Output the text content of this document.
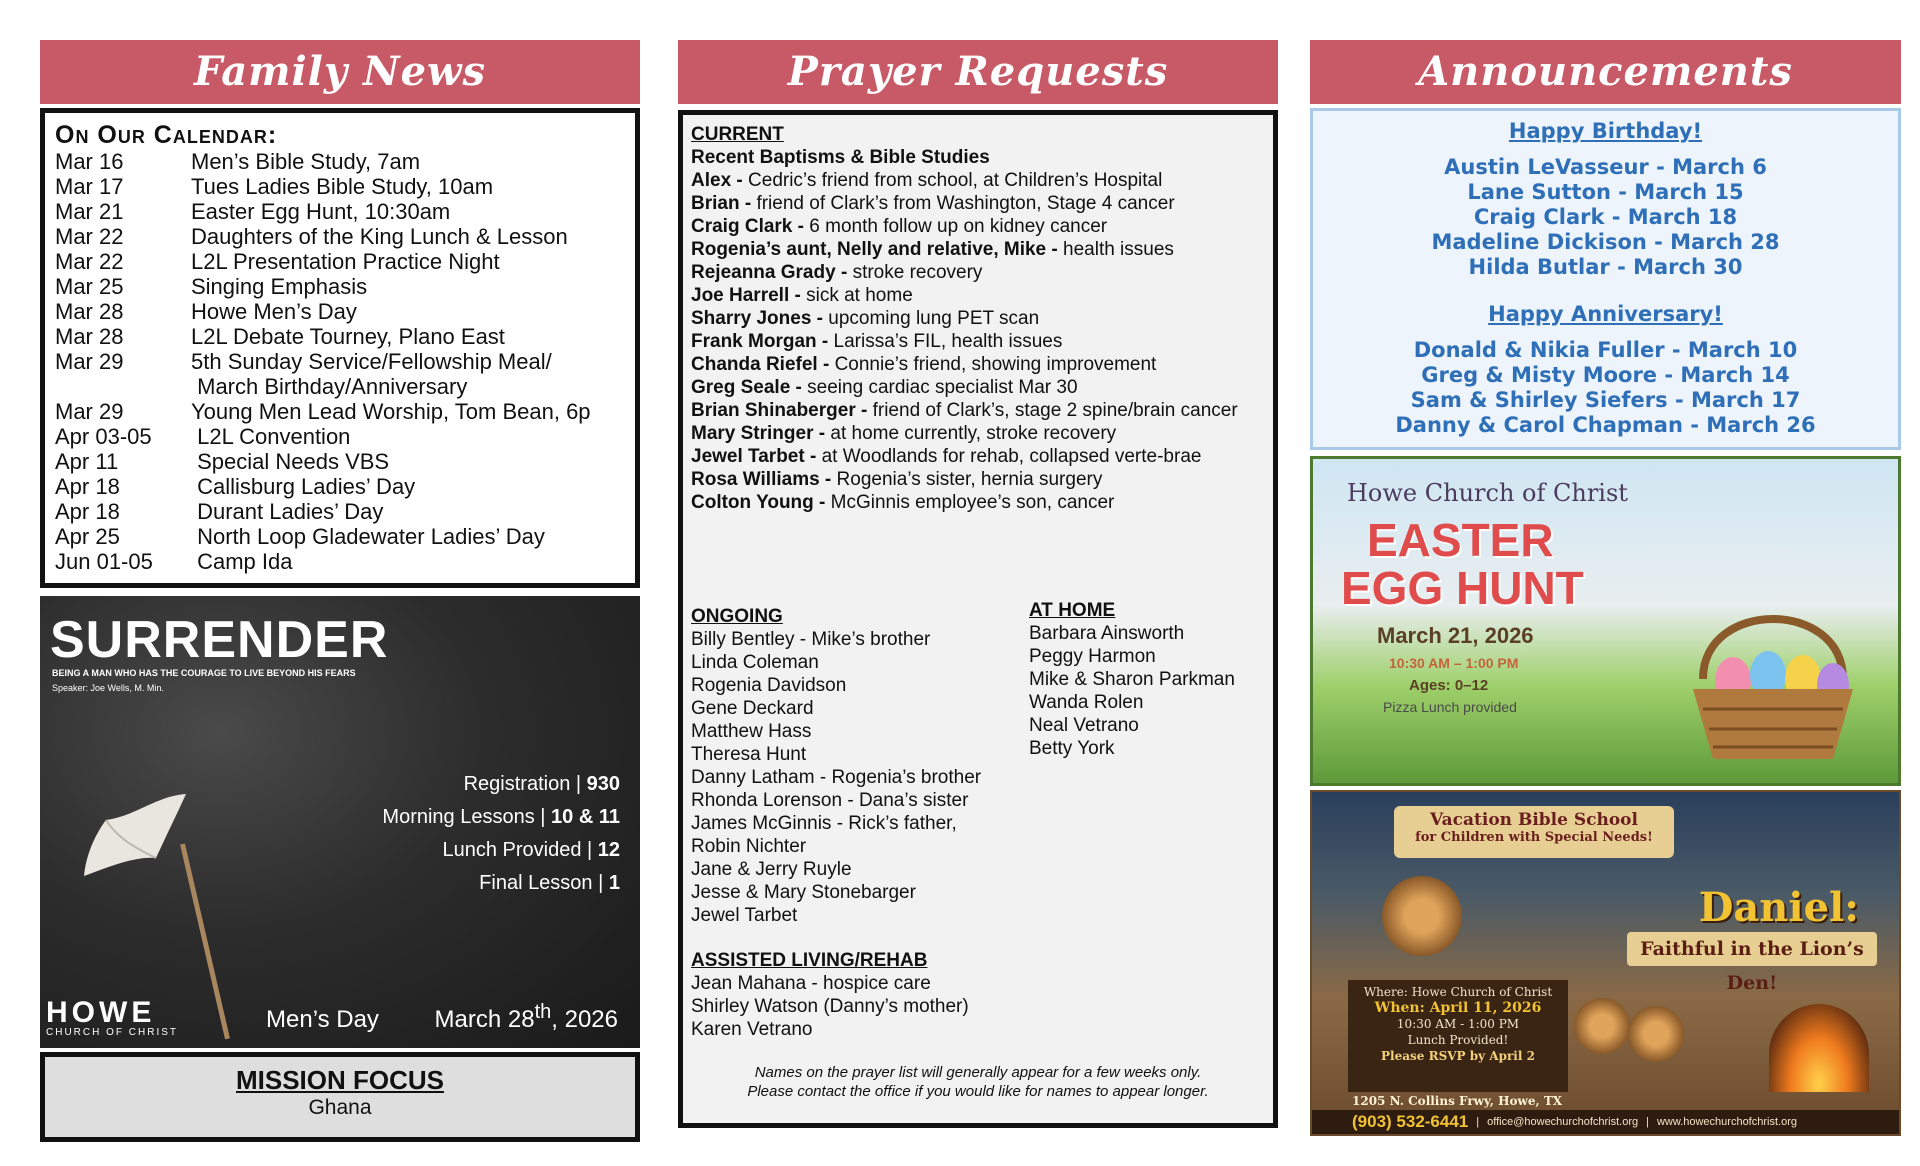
Family News
On Our Calendar:
Mar 16	Men’s Bible Study, 7am
Mar 17	Tues Ladies Bible Study, 10am
Mar 21	Easter Egg Hunt, 10:30am
Mar 22	Daughters of the King Lunch & Lesson
Mar 22	L2L Presentation Practice Night
Mar 25	Singing Emphasis
Mar 28	Howe Men’s Day
Mar 28	L2L Debate Tourney, Plano East
Mar 29	5th Sunday Service/Fellowship Meal/
March Birthday/Anniversary
Mar 29	Young Men Lead Worship, Tom Bean, 6p
Apr 03-05	L2L Convention
Apr 11	Special Needs VBS
Apr 18	Callisburg Ladies’ Day
Apr 18	Durant Ladies’ Day
Apr 25	North Loop Gladewater Ladies’ Day
Jun 01-05	Camp Ida
SURRENDER
BEING A MAN WHO HAS THE COURAGE TO LIVE BEYOND HIS FEARS
Speaker: Joe Wells, M. Min.
Registration | 930
Morning Lessons | 10 & 11
Lunch Provided | 12
Final Lesson | 1
HOWE
CHURCH OF CHRIST	Men’s Day March 28th, 2026
MISSION FOCUS
Ghana
Prayer Requests
CURRENT
Recent Baptisms & Bible Studies
Alex - Cedric’s friend from school, at Children’s Hospital
Brian - friend of Clark’s from Washington, Stage 4 cancer
Craig Clark - 6 month follow up on kidney cancer
Rogenia’s aunt, Nelly and relative, Mike - health issues
Rejeanna Grady - stroke recovery
Joe Harrell - sick at home
Sharry Jones - upcoming lung PET scan
Frank Morgan - Larissa’s FIL, health issues
Chanda Riefel - Connie’s friend, showing improvement
Greg Seale - seeing cardiac specialist Mar 30
Brian Shinaberger - friend of Clark’s, stage 2 spine/brain cancer
Mary Stringer - at home currently, stroke recovery
Jewel Tarbet - at Woodlands for rehab, collapsed verte-brae
Rosa Williams - Rogenia’s sister, hernia surgery
Colton Young - McGinnis employee’s son, cancer
ONGOING
Billy Bentley - Mike’s brother
Linda Coleman
Rogenia Davidson
Gene Deckard
Matthew Hass
Theresa Hunt
Danny Latham - Rogenia’s brother
Rhonda Lorenson - Dana’s sister
James McGinnis - Rick’s father,
Robin Nichter
Jane & Jerry Ruyle
Jesse & Mary Stonebarger
Jewel Tarbet
ASSISTED LIVING/REHAB
Jean Mahana - hospice care
Shirley Watson (Danny’s mother)
Karen Vetrano
AT HOME
Barbara Ainsworth
Peggy Harmon
Mike & Sharon Parkman
Wanda Rolen
Neal Vetrano
Betty York
Names on the prayer list will generally appear for a few weeks only.
Please contact the office if you would like for names to appear longer.
Announcements
Happy Birthday!
Austin LeVasseur - March 6
Lane Sutton - March 15
Craig Clark - March 18
Madeline Dickison - March 28
Hilda Butlar - March 30
Happy Anniversary!
Donald & Nikia Fuller - March 10
Greg & Misty Moore - March 14
Sam & Shirley Siefers - March 17
Danny & Carol Chapman - March 26
Howe Church of Christ
EASTER
EGG HUNT
March 21, 2026
10:30 AM – 1:00 PM
Ages: 0–12
Pizza Lunch provided
Vacation Bible School
for Children with Special Needs!
Daniel:
Faithful in the Lion’s Den!
Where: Howe Church of Christ
When: April 11, 2026
10:30 AM - 1:00 PM
Lunch Provided!
Please RSVP by April 2
1205 N. Collins Frwy, Howe, TX
(903) 532-6441 | office@howechurchofchrist.org | www.howechurchofchrist.org
